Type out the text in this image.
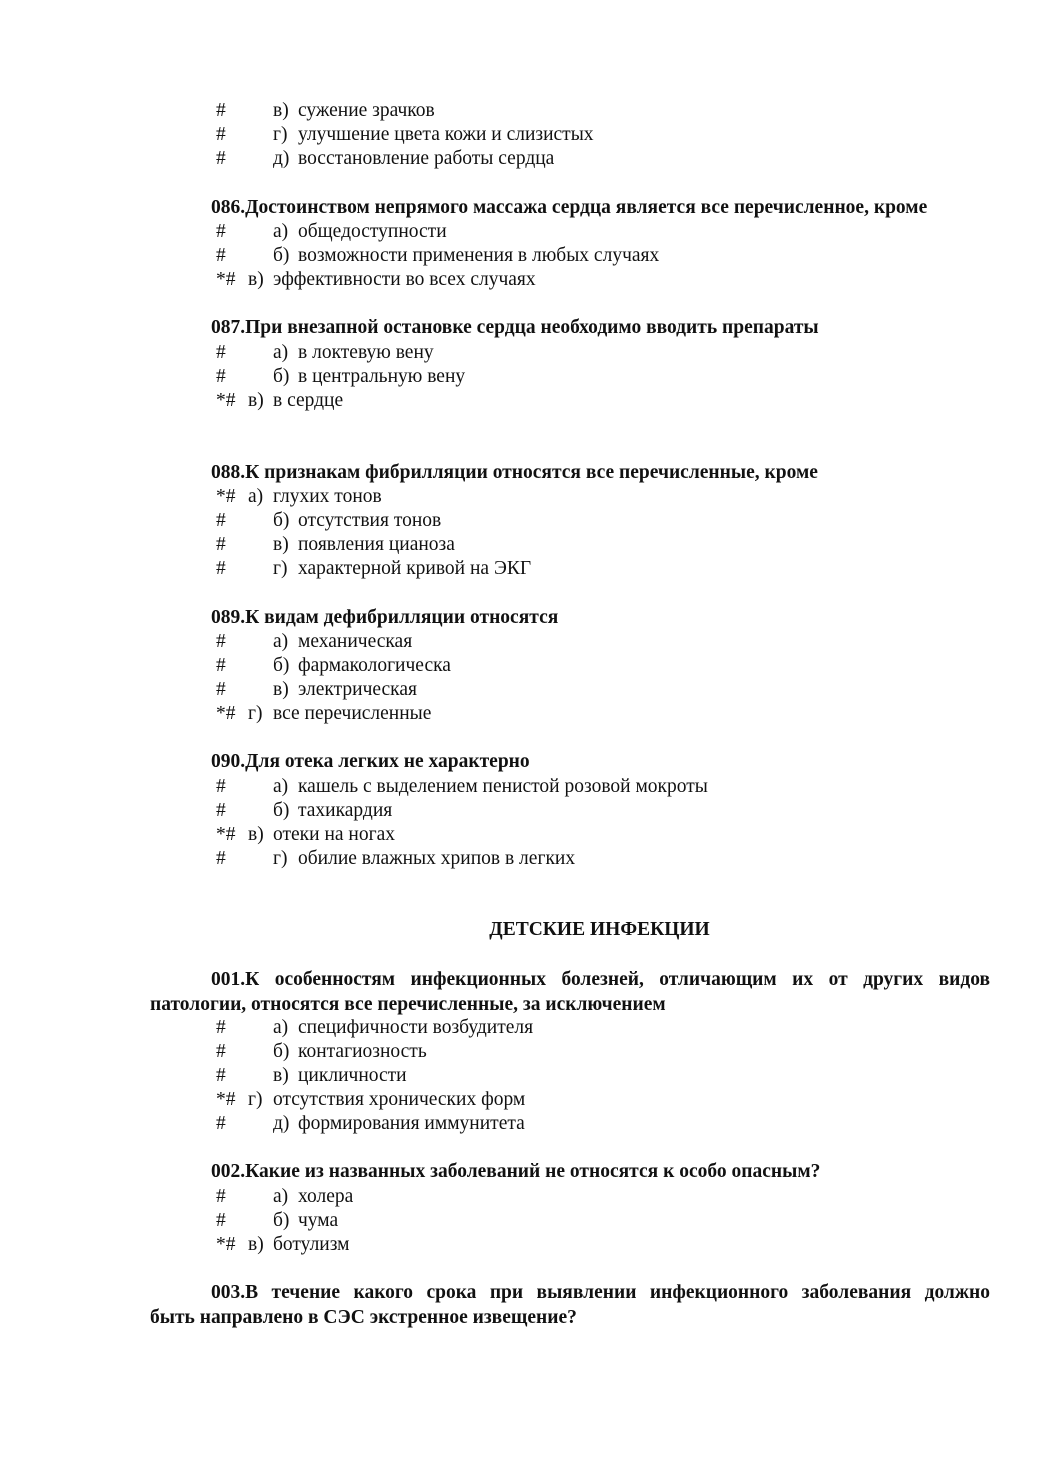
# в) сужение зрачков
# г) улучшение цвета кожи и слизистых
# д) восстановление работы сердца
086.Достоинством непрямого массажа сердца является все перечисленное, кроме
# а) общедоступности
# б) возможности применения в любых случаях
*# в) эффективности во всех случаях
087.При внезапной остановке сердца необходимо вводить препараты
# а) в локтевую вену
# б) в центральную вену
*# в) в сердце
088.К признакам фибрилляции относятся все перечисленные, кроме
*# а) глухих тонов
# б) отсутствия тонов
# в) появления цианоза
# г) характерной кривой на ЭКГ
089.К видам дефибрилляции относятся
# а) механическая
# б) фармакологическа
# в) электрическая
*# г) все перечисленные
090.Для отека легких не характерно
# а) кашель с выделением пенистой розовой мокроты
# б) тахикардия
*# в) отеки на ногах
# г) обилие влажных хрипов в легких
ДЕТСКИЕ ИНФЕКЦИИ
001.К особенностям инфекционных болезней, отличающим их от других видов
патологии, относятся все перечисленные, за исключением
# а) специфичности возбудителя
# б) контагиозность
# в) цикличности
*# г) отсутствия хронических форм
# д) формирования иммунитета
002.Какие из названных заболеваний не относятся к особо опасным?
# а) холера
# б) чума
*# в) ботулизм
003.В течение какого срока при выявлении инфекционного заболевания должно
быть направлено в СЭС экстренное извещение?
